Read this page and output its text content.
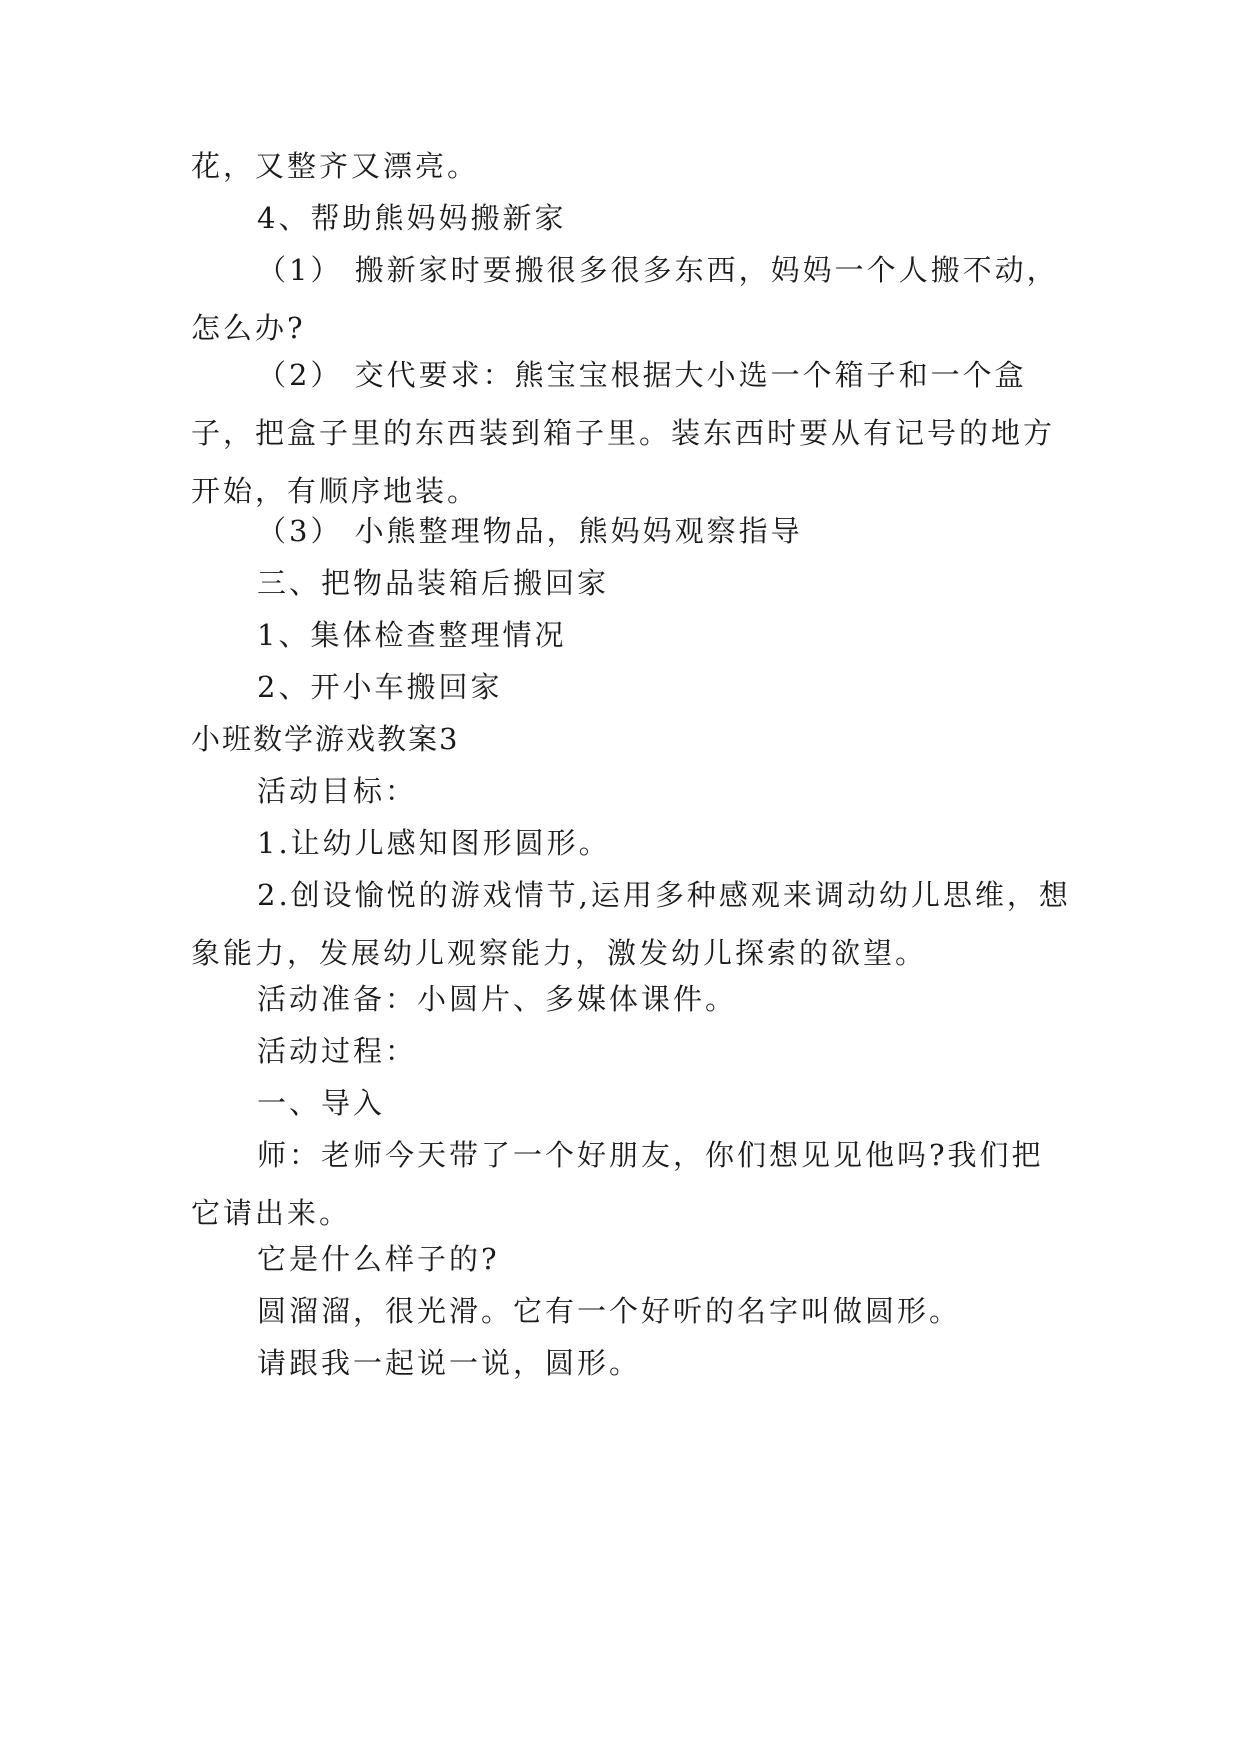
花，又整齐又漂亮。

4、帮助熊妈妈搬新家

（1） 搬新家时要搬很多很多东西，妈妈一个人搬不动，怎么办?

（2） 交代要求：熊宝宝根据大小选一个箱子和一个盒子，把盒子里的东西装到箱子里。装东西时要从有记号的地方开始，有顺序地装。

（3） 小熊整理物品，熊妈妈观察指导

三、把物品装箱后搬回家

1、集体检查整理情况

2、开小车搬回家

小班数学游戏教案3

活动目标：

1.让幼儿感知图形圆形。

2.创设愉悦的游戏情节,运用多种感观来调动幼儿思维，想象能力，发展幼儿观察能力，激发幼儿探索的欲望。

活动准备：小圆片、多媒体课件。

活动过程：

一、导入

师：老师今天带了一个好朋友，你们想见见他吗?我们把它请出来。

它是什么样子的?

圆溜溜，很光滑。它有一个好听的名字叫做圆形。

请跟我一起说一说，圆形。
